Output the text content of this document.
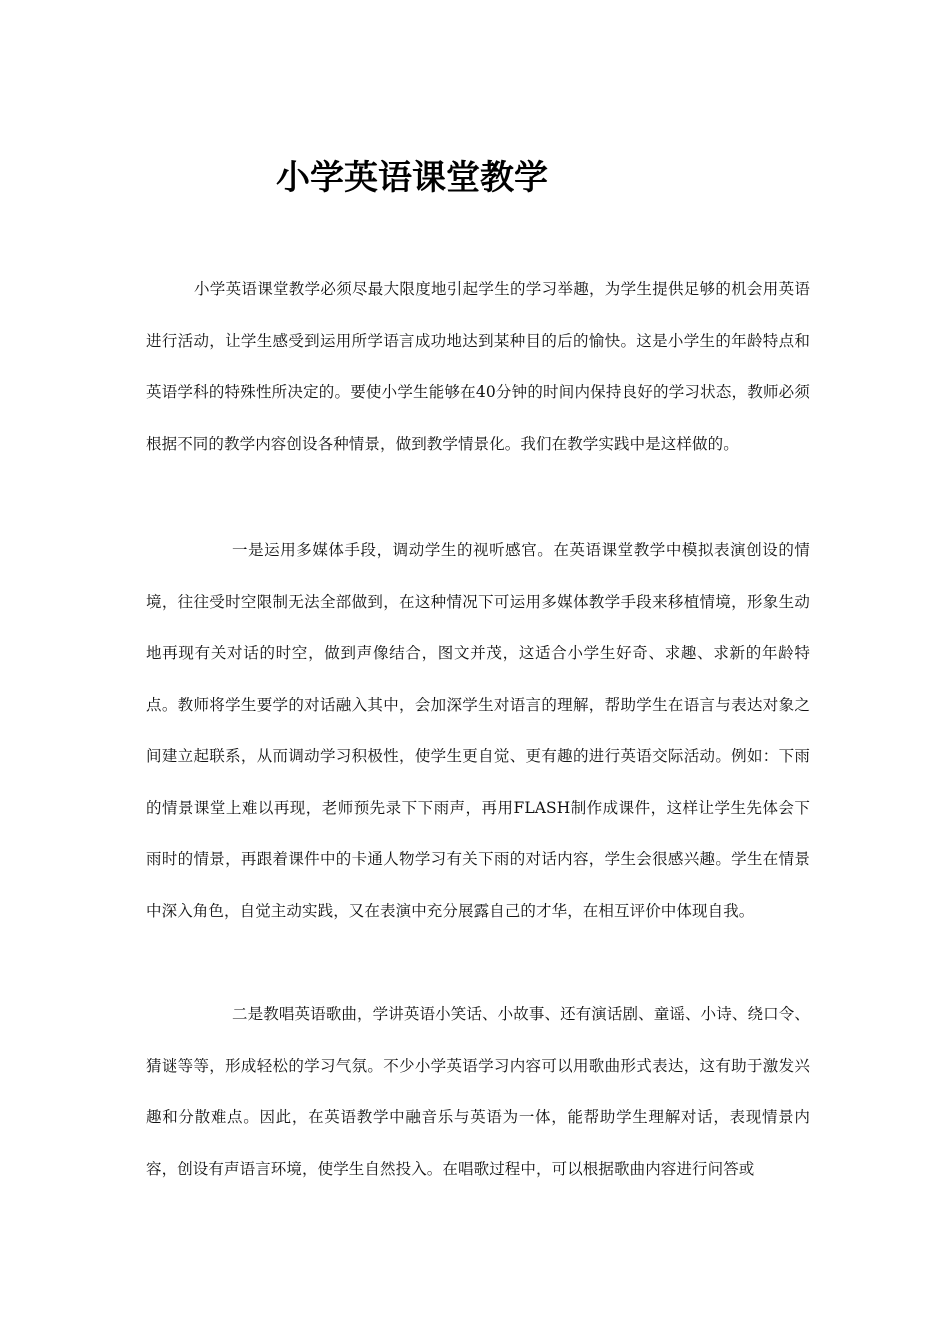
小学英语课堂教学

小学英语课堂教学必须尽最大限度地引起学生的学习举趣，为学生提供足够的机会用英语进行活动，让学生感受到运用所学语言成功地达到某种目的后的愉快。这是小学生的年龄特点和英语学科的特殊性所决定的。要使小学生能够在40分钟的时间内保持良好的学习状态，教师必须根据不同的教学内容创设各种情景，做到教学情景化。我们在教学实践中是这样做的。

一是运用多媒体手段，调动学生的视听感官。在英语课堂教学中模拟表演创设的情境，往往受时空限制无法全部做到，在这种情况下可运用多媒体教学手段来移植情境，形象生动地再现有关对话的时空，做到声像结合，图文并茂，这适合小学生好奇、求趣、求新的年龄特点。教师将学生要学的对话融入其中，会加深学生对语言的理解，帮助学生在语言与表达对象之间建立起联系，从而调动学习积极性，使学生更自觉、更有趣的进行英语交际活动。例如：下雨的情景课堂上难以再现，老师预先录下下雨声，再用FLASH制作成课件，这样让学生先体会下雨时的情景，再跟着课件中的卡通人物学习有关下雨的对话内容，学生会很感兴趣。学生在情景中深入角色，自觉主动实践，又在表演中充分展露自己的才华，在相互评价中体现自我。

二是教唱英语歌曲，学讲英语小笑话、小故事、还有演话剧、童谣、小诗、绕口令、猜谜等等，形成轻松的学习气氛。不少小学英语学习内容可以用歌曲形式表达，这有助于激发兴趣和分散难点。因此，在英语教学中融音乐与英语为一体，能帮助学生理解对话，表现情景内容，创设有声语言环境，使学生自然投入。在唱歌过程中，可以根据歌曲内容进行问答或
